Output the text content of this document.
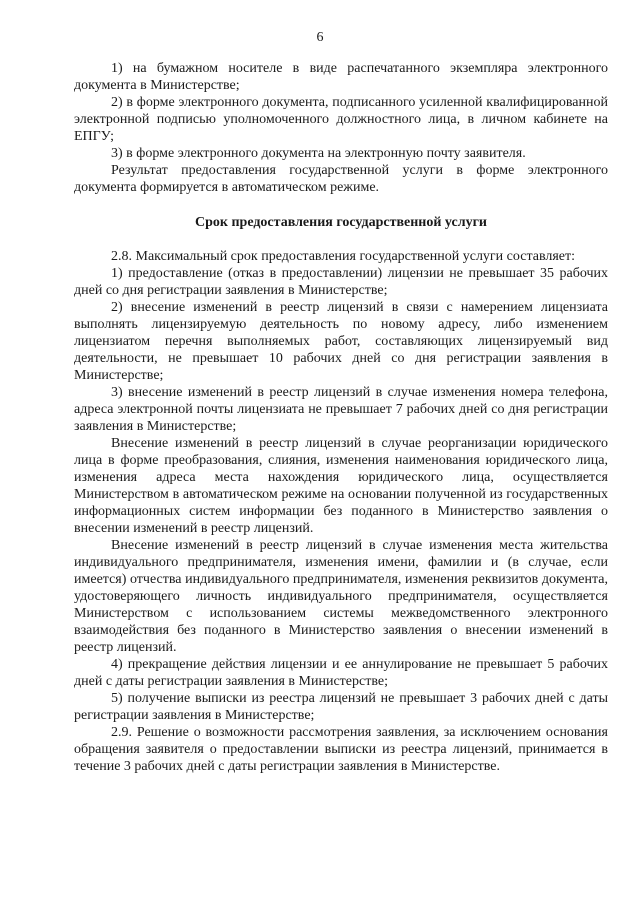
6

1) на бумажном носителе в виде распечатанного экземпляра электронного документа в Министерстве;

2) в форме электронного документа, подписанного усиленной квалифицированной электронной подписью уполномоченного должностного лица, в личном кабинете на ЕПГУ;

3) в форме электронного документа на электронную почту заявителя.

Результат предоставления государственной услуги в форме электронного документа формируется в автоматическом режиме.

Срок предоставления государственной услуги

2.8. Максимальный срок предоставления государственной услуги составляет:

1) предоставление (отказ в предоставлении) лицензии не превышает 35 рабочих дней со дня регистрации заявления в Министерстве;

2) внесение изменений в реестр лицензий в связи с намерением лицензиата выполнять лицензируемую деятельность по новому адресу, либо изменением лицензиатом перечня выполняемых работ, составляющих лицензируемый вид деятельности, не превышает 10 рабочих дней со дня регистрации заявления в Министерстве;

3) внесение изменений в реестр лицензий в случае изменения номера телефона, адреса электронной почты лицензиата не превышает 7 рабочих дней со дня регистрации заявления в Министерстве;

Внесение изменений в реестр лицензий в случае реорганизации юридического лица в форме преобразования, слияния, изменения наименования юридического лица, изменения адреса места нахождения юридического лица, осуществляется Министерством в автоматическом режиме на основании полученной из государственных информационных систем информации без поданного в Министерство заявления о внесении изменений в реестр лицензий.

Внесение изменений в реестр лицензий в случае изменения места жительства индивидуального предпринимателя, изменения имени, фамилии и (в случае, если имеется) отчества индивидуального предпринимателя, изменения реквизитов документа, удостоверяющего личность индивидуального предпринимателя, осуществляется Министерством с использованием системы межведомственного электронного взаимодействия без поданного в Министерство заявления о внесении изменений в реестр лицензий.

4) прекращение действия лицензии и ее аннулирование не превышает 5 рабочих дней с даты регистрации заявления в Министерстве;

5) получение выписки из реестра лицензий не превышает 3 рабочих дней с даты регистрации заявления в Министерстве;

2.9. Решение о возможности рассмотрения заявления, за исключением основания обращения заявителя о предоставлении выписки из реестра лицензий, принимается в течение 3 рабочих дней с даты регистрации заявления в Министерстве.
